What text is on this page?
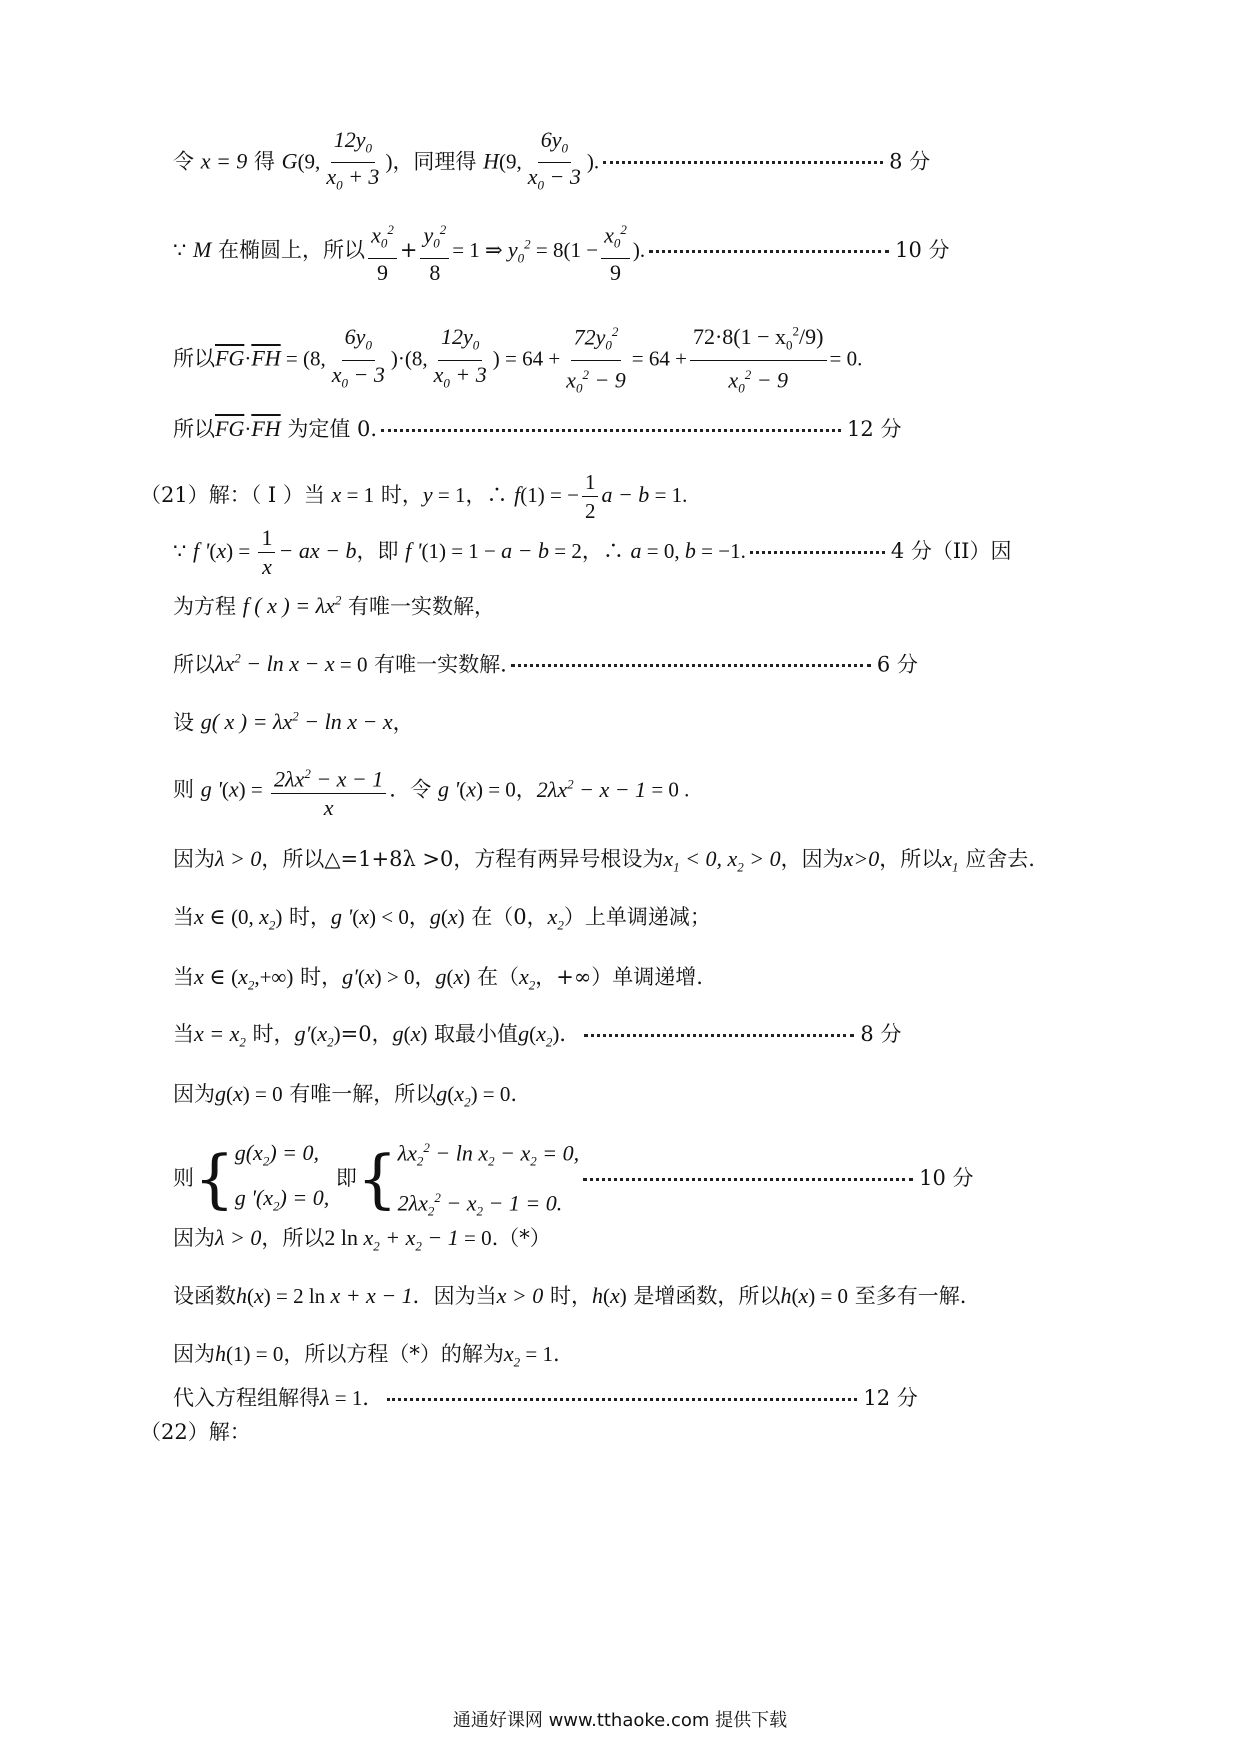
令 x = 9 得 G(9, $\frac{12y_0}{x_0 + 3}$ )，同理得 H(9, $\frac{6y_0}{x_0 - 3}$ ).	8 分
∵ M 在椭圆上，所以 $\frac{x_0^2}{9} + \frac{y_0^2}{8} = 1$ ⇒ $y_0^2 = 8(1 - \frac{x_0^2}{9}$ ).	10 分
所以$\overline{FG}\cdot\overline{FH} = (8$, $\frac{6y_0}{x_0 - 3} )\cdot(8$, $\frac{12y_0}{x_0 + 3}$ ) = $64 + \frac{72y_0^2}{x_0^2 - 9} = 64 + \frac{72\cdot 8(1 - x_0^2/9)}{x_0^2 - 9} = 0$.
所以$\overline{FG}\cdot\overline{FH}$ 为定值 0.	12 分
（21）解：（ I ）当 x = 1 时，y = 1，∴ f(1) = − $\frac{1}{2}$ a − b = 1.
∵ f '$(x) = \frac{1}{x}$ − ax − b，即 f '(1) = 1 − a − b = 2，∴ a = 0, b = −1.	4 分（II）因
为方程 f ( x ) = $\lambda x^2$ 有唯一实数解，
所以$\lambda x^2 - \ln x - x = 0$ 有唯一实数解.	6 分
设 g( x ) = $\lambda x^2 - \ln x - x$，
则 g '$(x) = \frac{2\lambda x^2 - x - 1}{x}$ ．令 g '(x) = 0，$2\lambda x^2 - x - 1 = 0$ .
因为λ > 0，所以△=1+8λ >0，方程有两异号根设为$x_1 < 0$, $x_2 > 0$，因为x>0，所以$x_1$ 应舍去.
当x ∈ (0, $x_2$) 时，g '(x) < 0，g(x) 在（0，$x_2$）上单调递减；
当x ∈ $(x_2,+\infty)$ 时，g′(x) > 0，g(x) 在（$x_2$，+∞）单调递增.
当$x = x_2$ 时，$g'(x_2)=0$，g(x) 取最小值$g(x_2)$．	8 分
因为g(x) = 0 有唯一解，所以$g(x_2) = 0$.
则{ $g(x_2) = 0$,
g '$(x_2) = 0$,
即{ $\lambda x_2^2 - \ln x_2 - x_2 = 0$,
$2\lambda x_2^2 - x_2 - 1 = 0$.
10 分
因为λ > 0，所以2 $\ln x_2 + x_2 - 1 = 0.(*)$
设函数h(x) = 2 ln x + x − 1．因为当x > 0 时，h(x) 是增函数，所以h(x) = 0 至多有一解.
因为h(1) = 0，所以方程（*）的解为$x_2 = 1$.
代入方程组解得λ = 1．	12 分
（22）解：
通通好课网 www.tthaoke.com 提供下载
